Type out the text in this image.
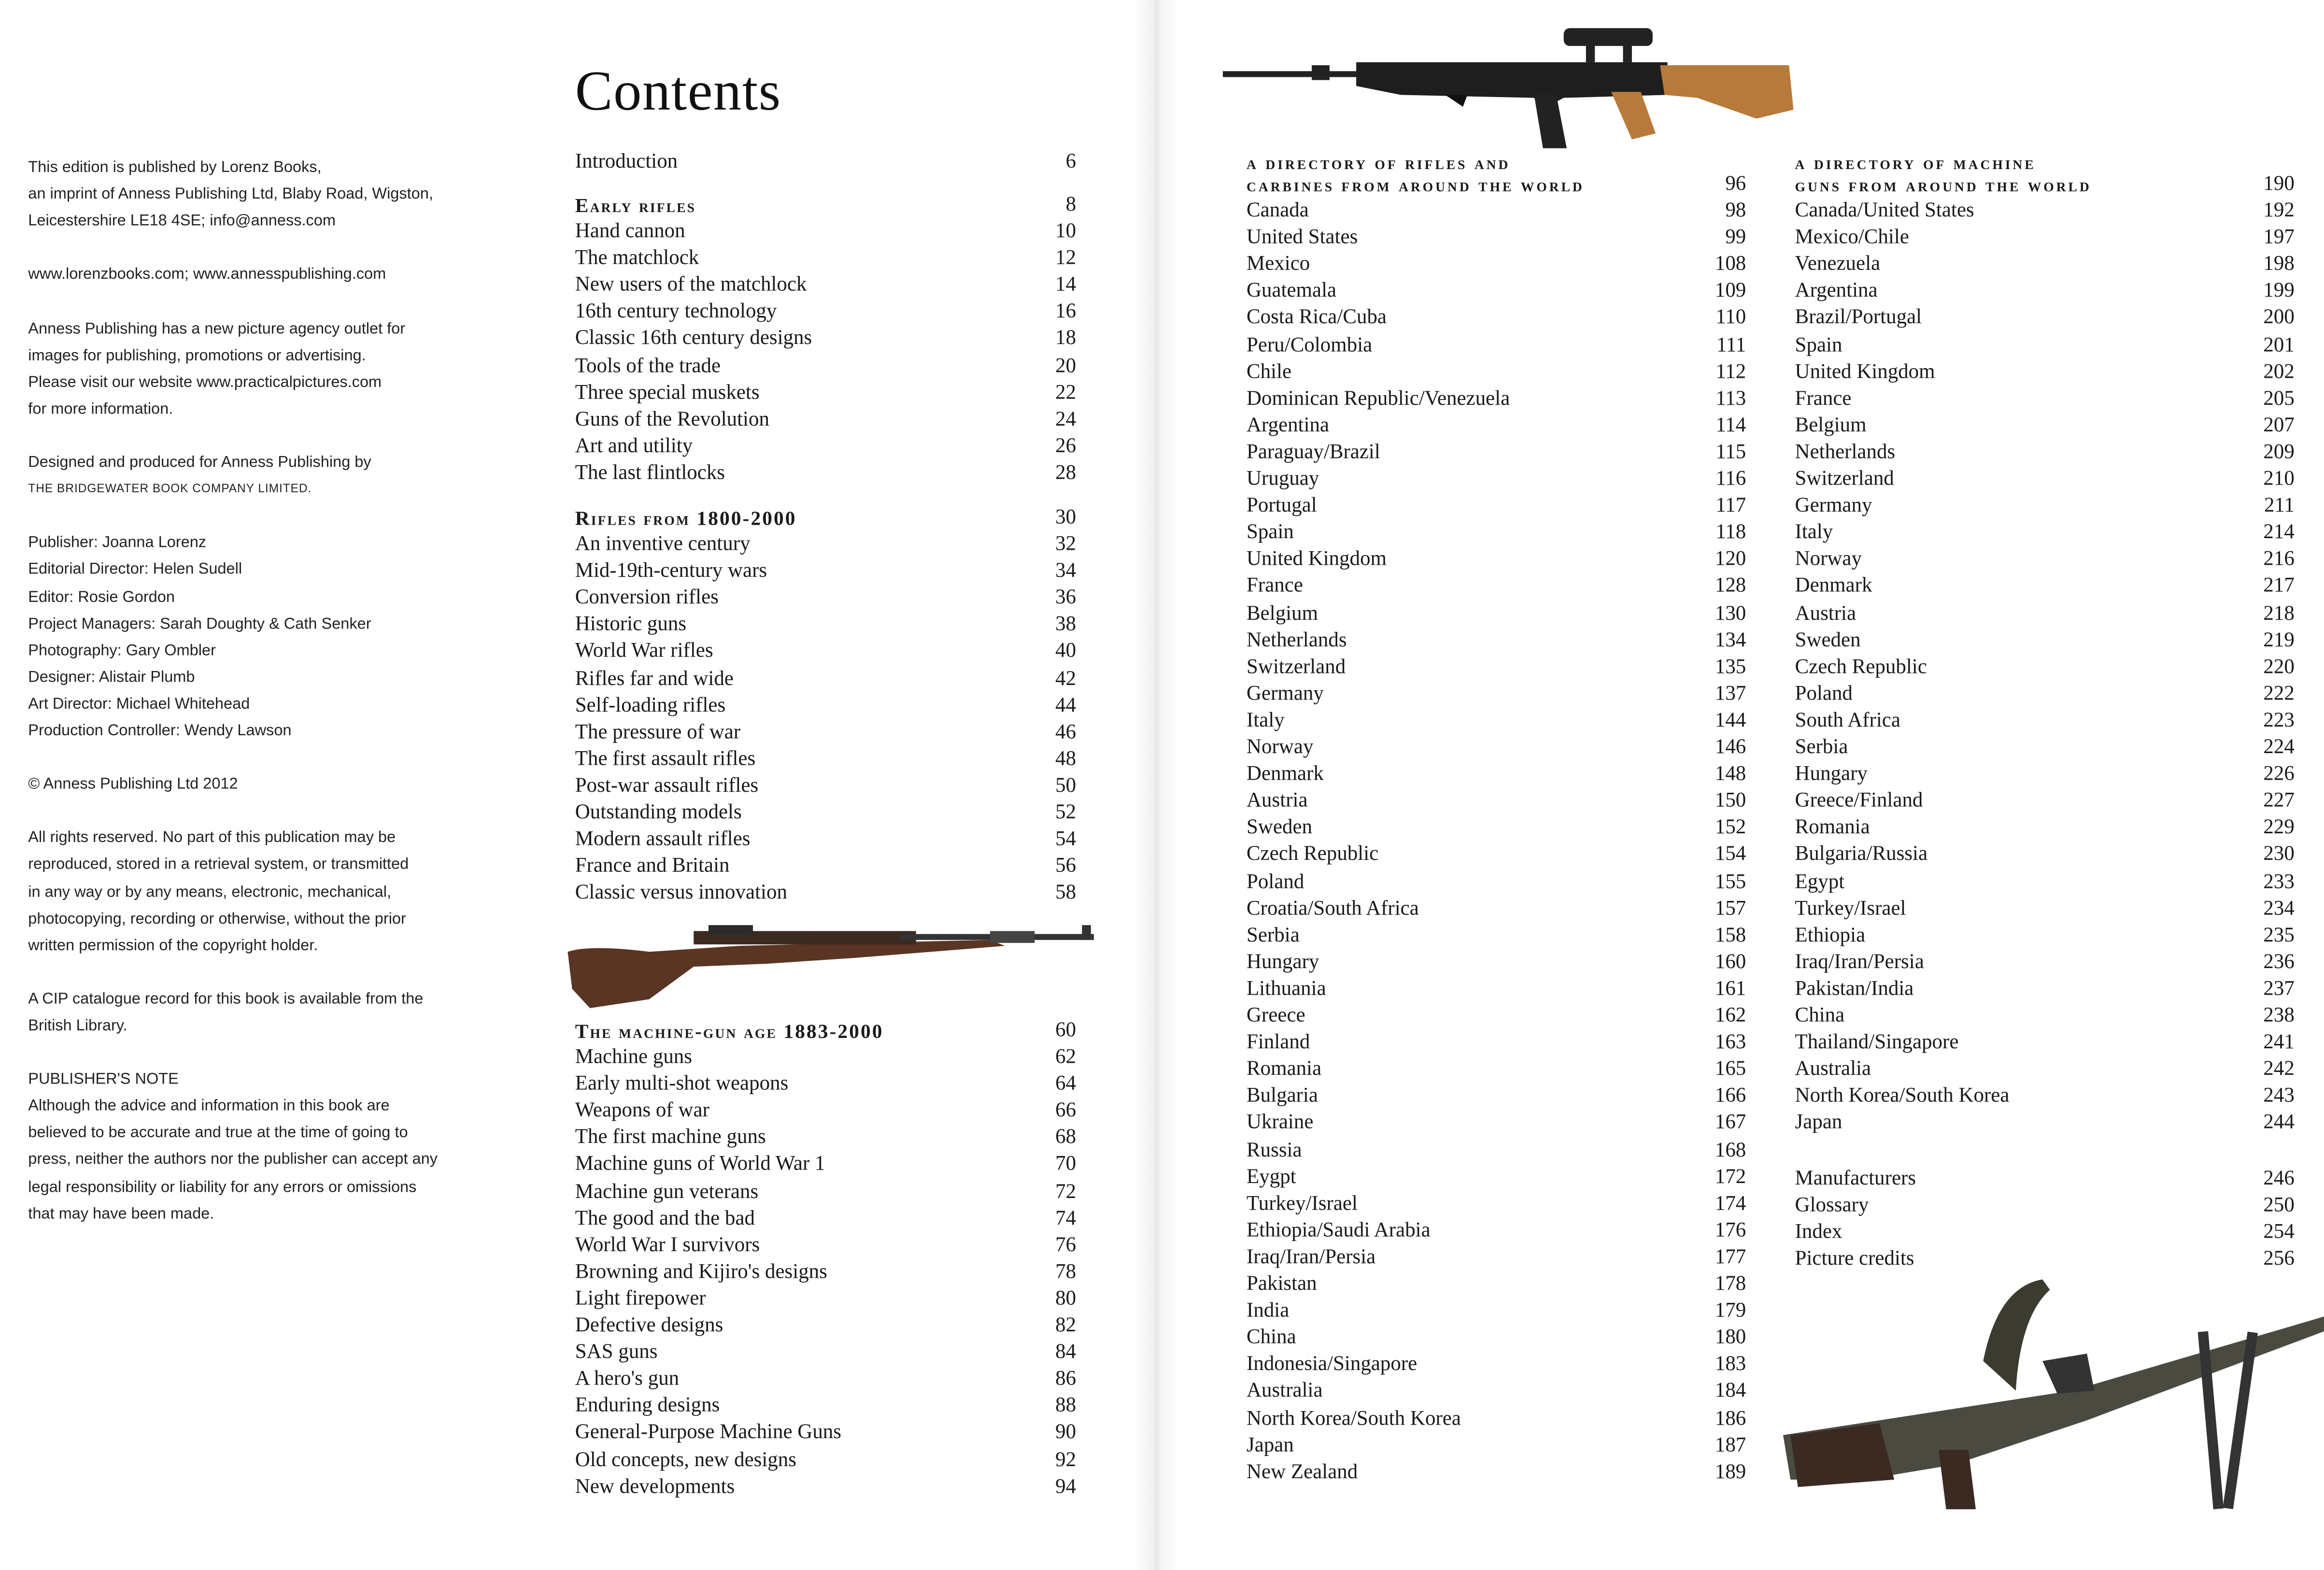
This edition is published by Lorenz Books,
an imprint of Anness Publishing Ltd, Blaby Road, Wigston,
Leicestershire LE18 4SE; info@anness.com
www.lorenzbooks.com; www.annesspublishing.com
Anness Publishing has a new picture agency outlet for
images for publishing, promotions or advertising.
Please visit our website www.practicalpictures.com
for more information.
Designed and produced for Anness Publishing by
THE BRIDGEWATER BOOK COMPANY LIMITED.
Publisher: Joanna Lorenz
Editorial Director: Helen Sudell
Editor: Rosie Gordon
Project Managers: Sarah Doughty & Cath Senker
Photography: Gary Ombler
Designer: Alistair Plumb
Art Director: Michael Whitehead
Production Controller: Wendy Lawson
© Anness Publishing Ltd 2012
All rights reserved. No part of this publication may be
reproduced, stored in a retrieval system, or transmitted
in any way or by any means, electronic, mechanical,
photocopying, recording or otherwise, without the prior
written permission of the copyright holder.
A CIP catalogue record for this book is available from the
British Library.
PUBLISHER'S NOTE
Although the advice and information in this book are
believed to be accurate and true at the time of going to
press, neither the authors nor the publisher can accept any
legal responsibility or liability for any errors or omissions
that may have been made.
Contents
Introduction	6
Early rifles	8
Hand cannon	10
The matchlock	12
New users of the matchlock	14
16th century technology	16
Classic 16th century designs	18
Tools of the trade	20
Three special muskets	22
Guns of the Revolution	24
Art and utility	26
The last flintlocks	28
Rifles from 1800-2000	30
An inventive century	32
Mid-19th-century wars	34
Conversion rifles	36
Historic guns	38
World War rifles	40
Rifles far and wide	42
Self-loading rifles	44
The pressure of war	46
The first assault rifles	48
Post-war assault rifles	50
Outstanding models	52
Modern assault rifles	54
France and Britain	56
Classic versus innovation	58
The machine-gun age 1883-2000	60
Machine guns	62
Early multi-shot weapons	64
Weapons of war	66
The first machine guns	68
Machine guns of World War 1	70
Machine gun veterans	72
The good and the bad	74
World War I survivors	76
Browning and Kijiro's designs	78
Light firepower	80
Defective designs	82
SAS guns	84
A hero's gun	86
Enduring designs	88
General-Purpose Machine Guns	90
Old concepts, new designs	92
New developments	94
a directory of rifles and
carbines from around the world	96
Canada	98
United States	99
Mexico	108
Guatemala	109
Costa Rica/Cuba	110
Peru/Colombia	111
Chile	112
Dominican Republic/Venezuela	113
Argentina	114
Paraguay/Brazil	115
Uruguay	116
Portugal	117
Spain	118
United Kingdom	120
France	128
Belgium	130
Netherlands	134
Switzerland	135
Germany	137
Italy	144
Norway	146
Denmark	148
Austria	150
Sweden	152
Czech Republic	154
Poland	155
Croatia/South Africa	157
Serbia	158
Hungary	160
Lithuania	161
Greece	162
Finland	163
Romania	165
Bulgaria	166
Ukraine	167
Russia	168
Eygpt	172
Turkey/Israel	174
Ethiopia/Saudi Arabia	176
Iraq/Iran/Persia	177
Pakistan	178
India	179
China	180
Indonesia/Singapore	183
Australia	184
North Korea/South Korea	186
Japan	187
New Zealand	189
a directory of machine
guns from around the world	190
Canada/United States	192
Mexico/Chile	197
Venezuela	198
Argentina	199
Brazil/Portugal	200
Spain	201
United Kingdom	202
France	205
Belgium	207
Netherlands	209
Switzerland	210
Germany	211
Italy	214
Norway	216
Denmark	217
Austria	218
Sweden	219
Czech Republic	220
Poland	222
South Africa	223
Serbia	224
Hungary	226
Greece/Finland	227
Romania	229
Bulgaria/Russia	230
Egypt	233
Turkey/Israel	234
Ethiopia	235
Iraq/Iran/Persia	236
Pakistan/India	237
China	238
Thailand/Singapore	241
Australia	242
North Korea/South Korea	243
Japan	244
Manufacturers	246
Glossary	250
Index	254
Picture credits	256
